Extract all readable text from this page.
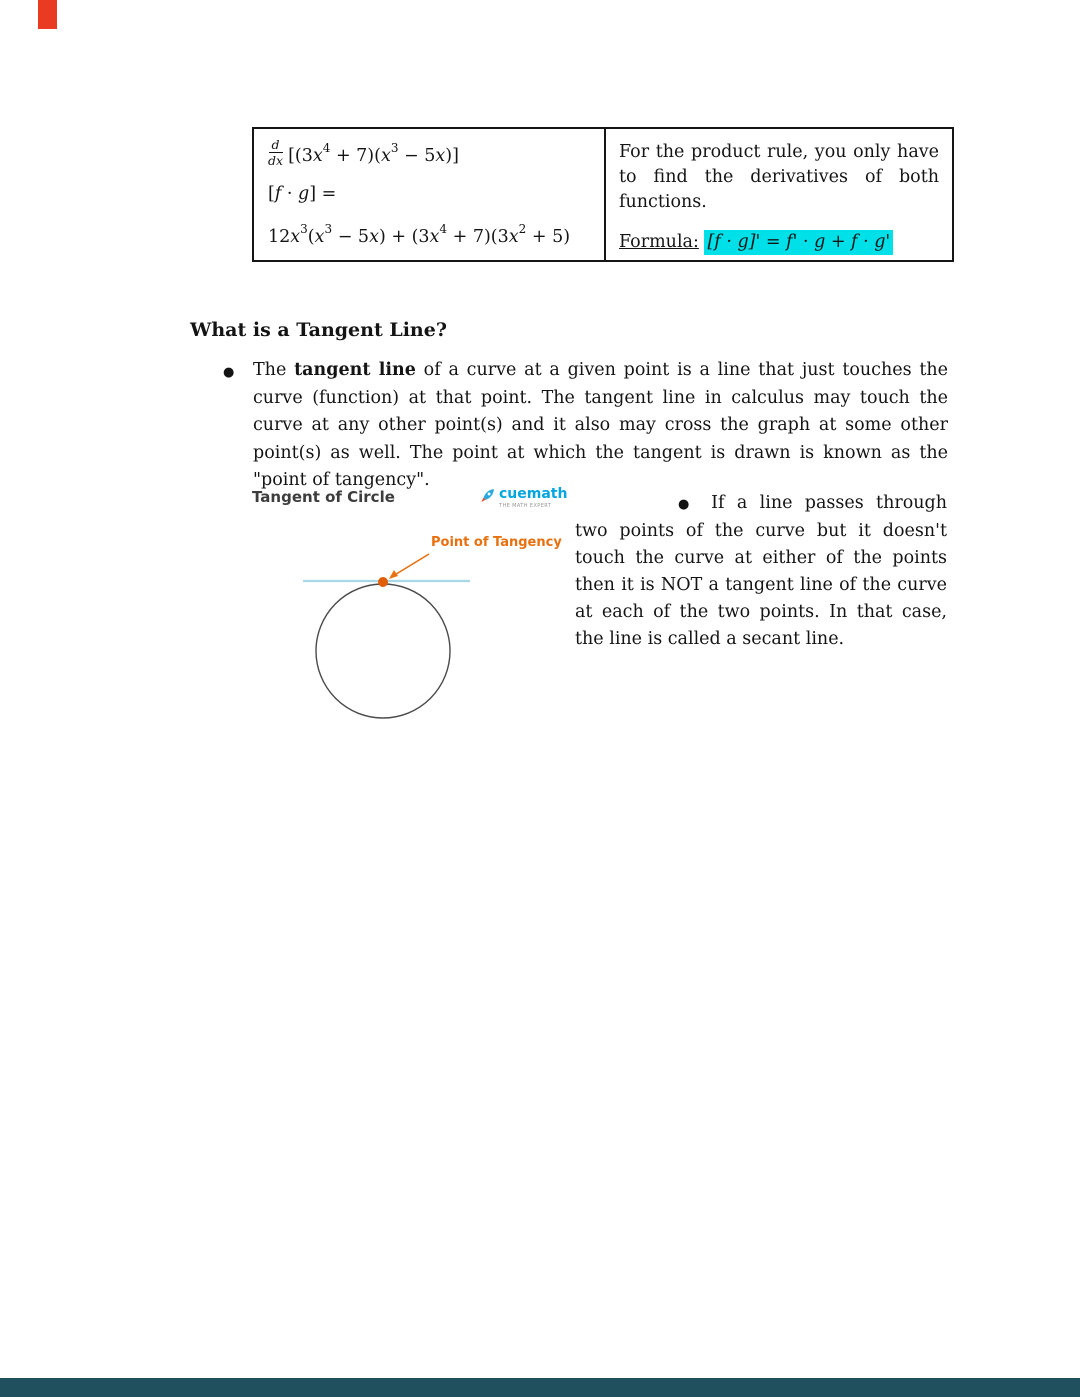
$\frac{d}{dx} [(3x^4 + 7)(x^3 - 5x)]$
[f · g] =
$12x^3(x^3 - 5x) + (3x^4 + 7)(3x^2 + 5)$

For the product rule, you only have to find the derivatives of both functions.

Formula: [f · g]' = f' · g + f · g'

What is a Tangent Line?
● The tangent line of a curve at a given point is a line that just touches the curve (function) at that point. The tangent line in calculus may touch the curve at any other point(s) and it also may cross the graph at some other point(s) as well. The point at which the tangent is drawn is known as the "point of tangency".

Tangent of Circle	cuemath
THE MATH EXPERT
Point of Tangency

● If a line passes through two points of the curve but it doesn't touch the curve at either of the points then it is NOT a tangent line of the curve at each of the two points. In that case, the line is called a secant line.
